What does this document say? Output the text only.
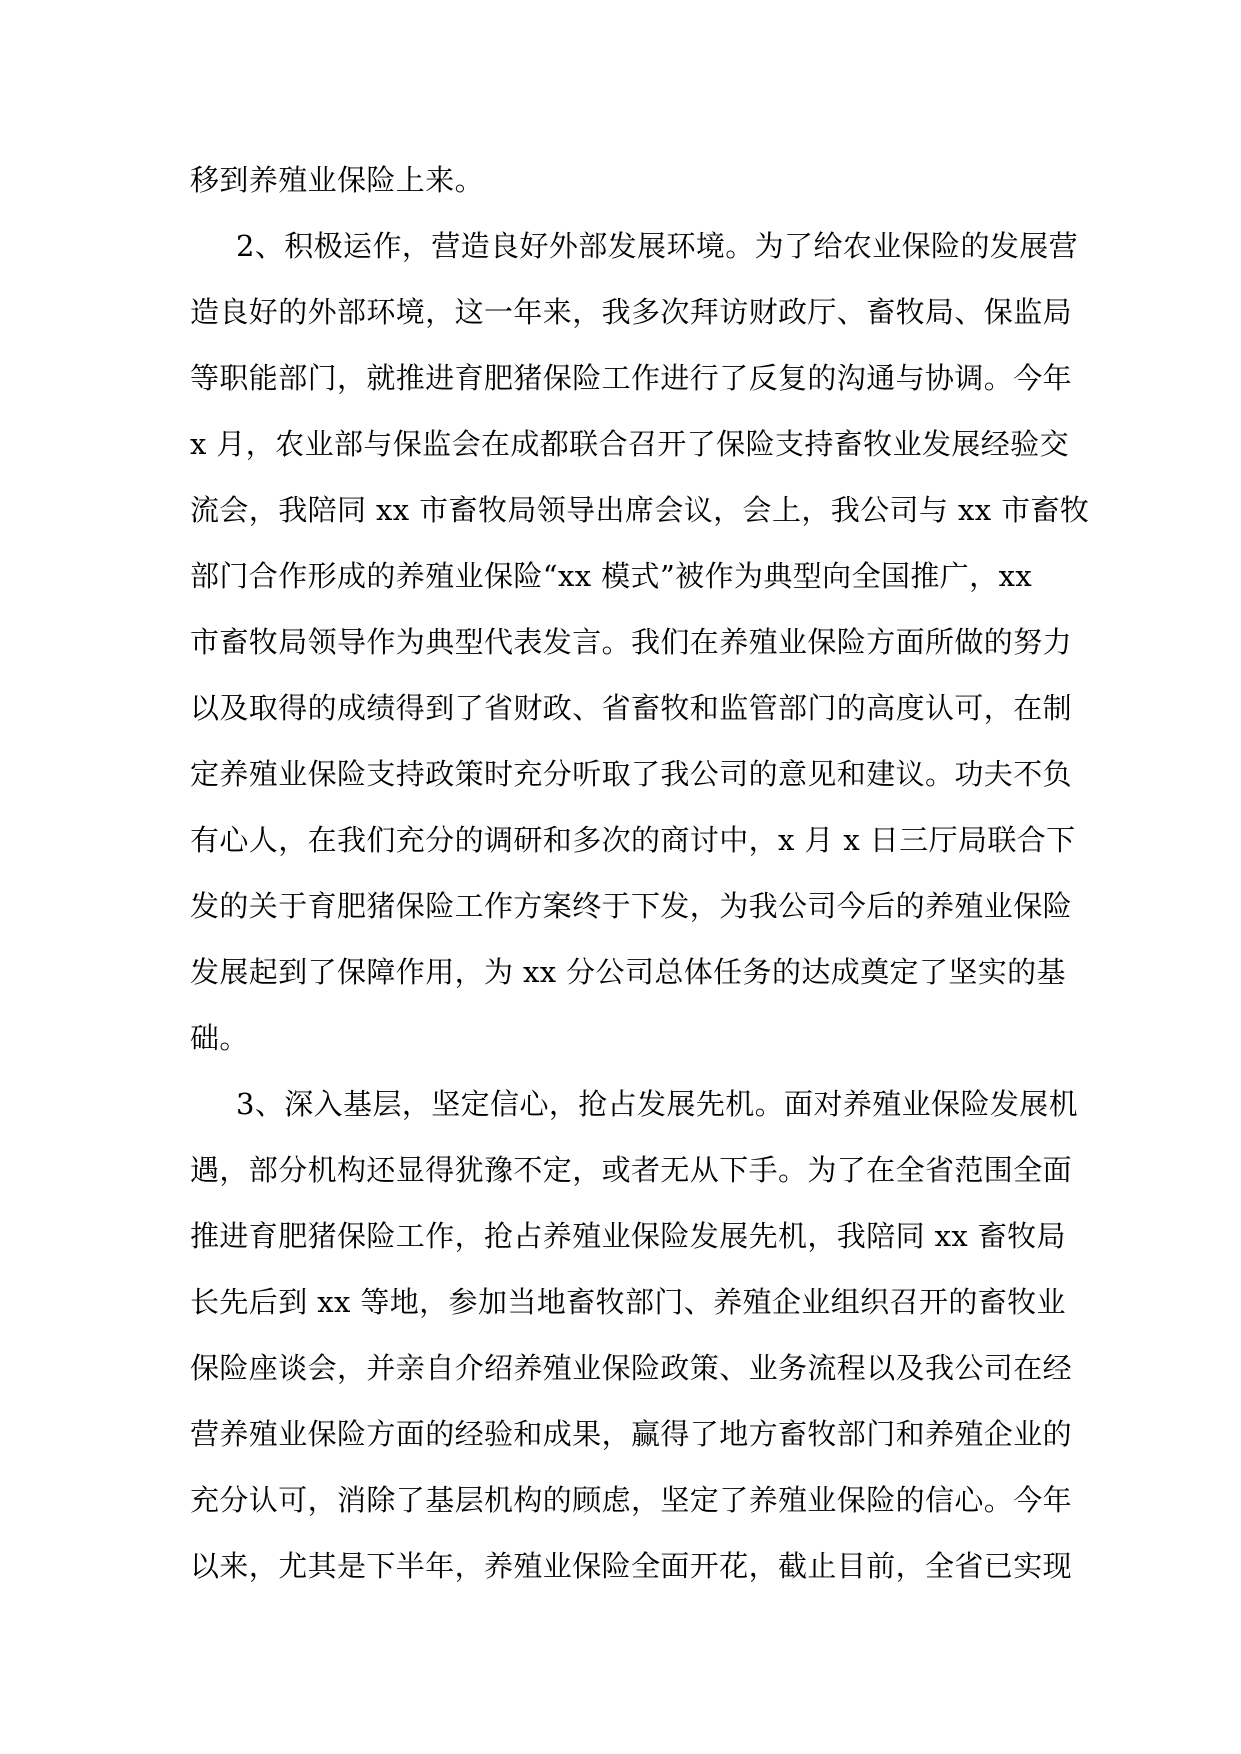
移到养殖业保险上来。
2、积极运作，营造良好外部发展环境。为了给农业保险的发展营
造良好的外部环境，这一年来，我多次拜访财政厅、畜牧局、保监局
等职能部门，就推进育肥猪保险工作进行了反复的沟通与协调。今年
x 月，农业部与保监会在成都联合召开了保险支持畜牧业发展经验交
流会，我陪同 xx 市畜牧局领导出席会议，会上，我公司与 xx 市畜牧
部门合作形成的养殖业保险“xx 模式”被作为典型向全国推广，xx
市畜牧局领导作为典型代表发言。我们在养殖业保险方面所做的努力
以及取得的成绩得到了省财政、省畜牧和监管部门的高度认可，在制
定养殖业保险支持政策时充分听取了我公司的意见和建议。功夫不负
有心人，在我们充分的调研和多次的商讨中，x 月 x 日三厅局联合下
发的关于育肥猪保险工作方案终于下发，为我公司今后的养殖业保险
发展起到了保障作用，为 xx 分公司总体任务的达成奠定了坚实的基
础。
3、深入基层，坚定信心，抢占发展先机。面对养殖业保险发展机
遇，部分机构还显得犹豫不定，或者无从下手。为了在全省范围全面
推进育肥猪保险工作，抢占养殖业保险发展先机，我陪同 xx 畜牧局
长先后到 xx 等地，参加当地畜牧部门、养殖企业组织召开的畜牧业
保险座谈会，并亲自介绍养殖业保险政策、业务流程以及我公司在经
营养殖业保险方面的经验和成果，赢得了地方畜牧部门和养殖企业的
充分认可，消除了基层机构的顾虑，坚定了养殖业保险的信心。今年
以来，尤其是下半年，养殖业保险全面开花，截止目前，全省已实现
